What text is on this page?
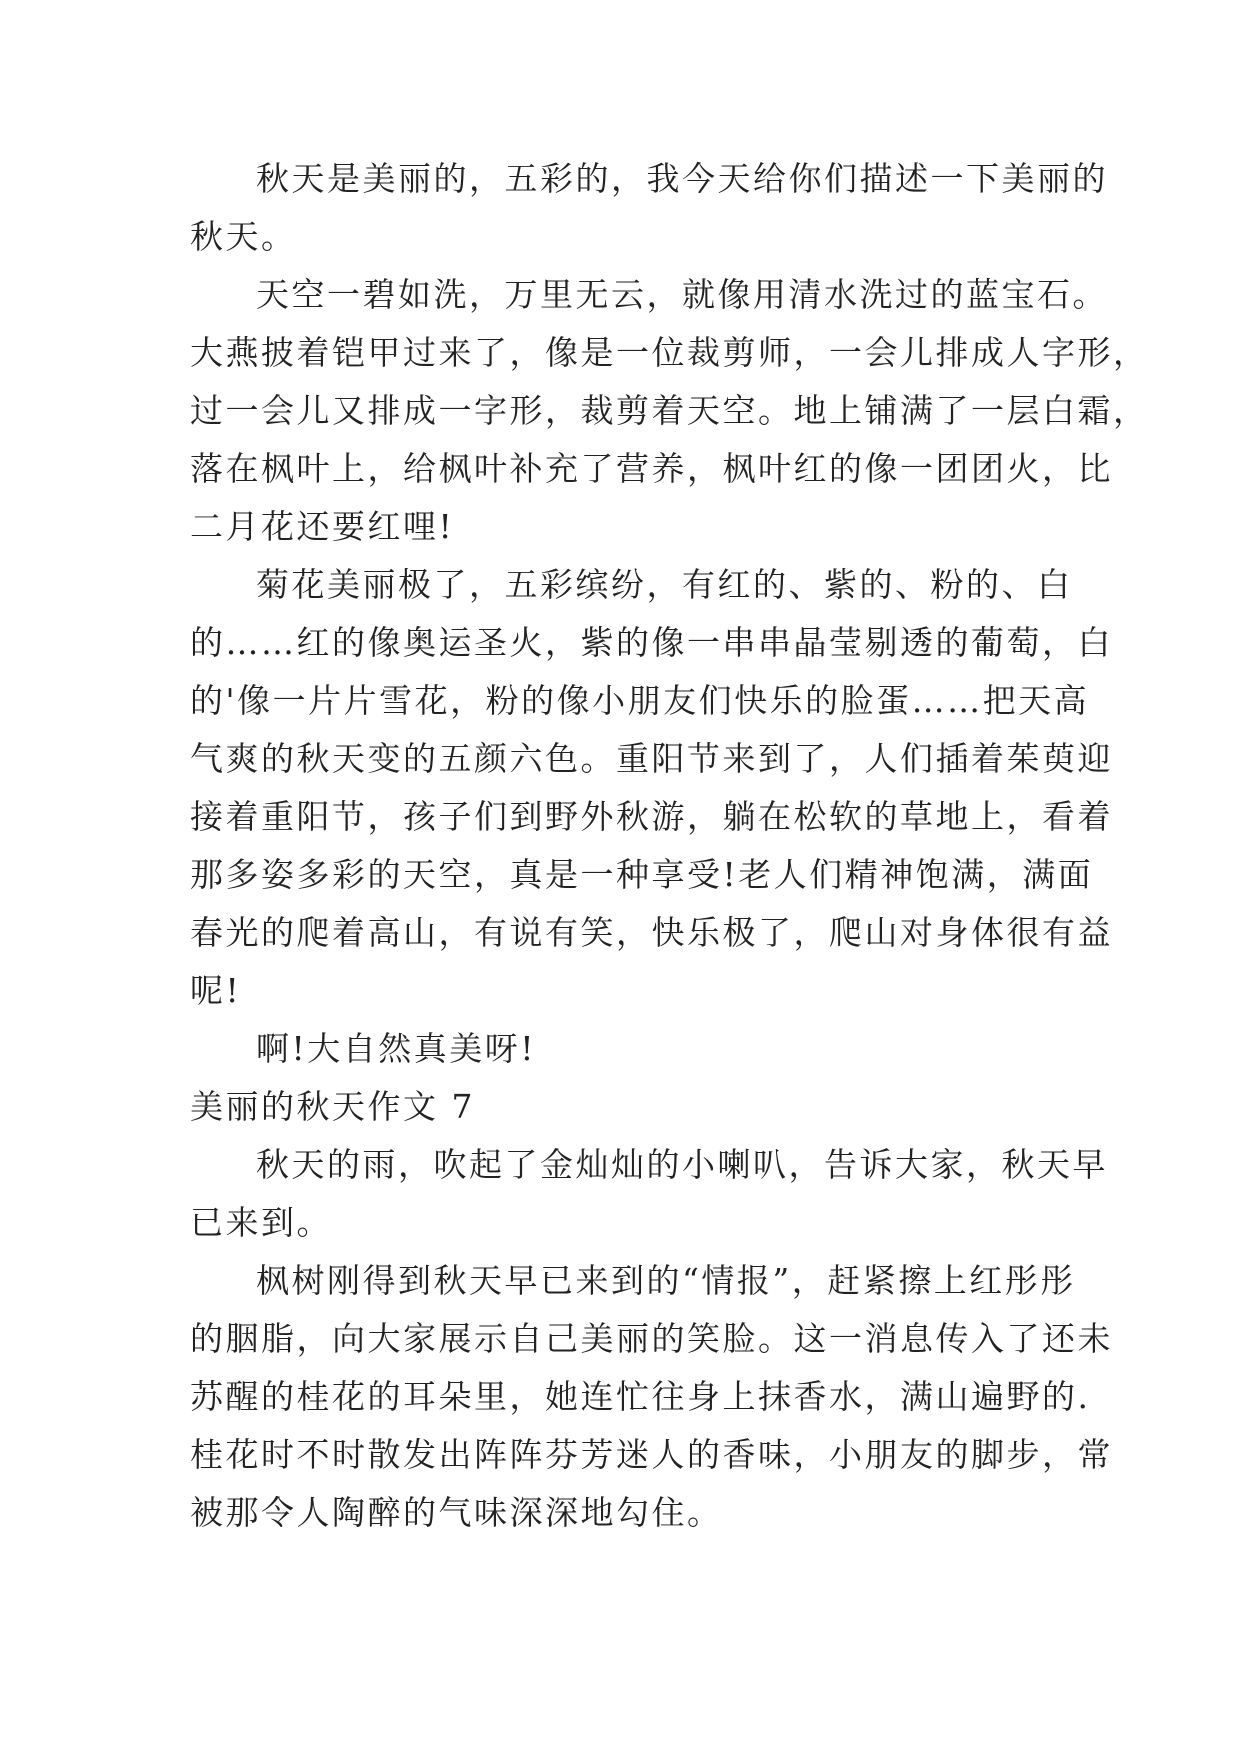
秋天是美丽的，五彩的，我今天给你们描述一下美丽的
秋天。
天空一碧如洗，万里无云，就像用清水洗过的蓝宝石。
大燕披着铠甲过来了，像是一位裁剪师，一会儿排成人字形，
过一会儿又排成一字形，裁剪着天空。地上铺满了一层白霜，
落在枫叶上，给枫叶补充了营养，枫叶红的像一团团火，比
二月花还要红哩!
菊花美丽极了，五彩缤纷，有红的、紫的、粉的、白
的……红的像奥运圣火，紫的像一串串晶莹剔透的葡萄，白
的'像一片片雪花，粉的像小朋友们快乐的脸蛋……把天高
气爽的秋天变的五颜六色。重阳节来到了，人们插着茱萸迎
接着重阳节，孩子们到野外秋游，躺在松软的草地上，看着
那多姿多彩的天空，真是一种享受!老人们精神饱满，满面
春光的爬着高山，有说有笑，快乐极了，爬山对身体很有益
呢!
啊!大自然真美呀!
美丽的秋天作文 7
秋天的雨，吹起了金灿灿的小喇叭，告诉大家，秋天早
已来到。
枫树刚得到秋天早已来到的“情报”，赶紧擦上红彤彤
的胭脂，向大家展示自己美丽的笑脸。这一消息传入了还未
苏醒的桂花的耳朵里，她连忙往身上抹香水，满山遍野的.
桂花时不时散发出阵阵芬芳迷人的香味，小朋友的脚步，常
被那令人陶醉的气味深深地勾住。
